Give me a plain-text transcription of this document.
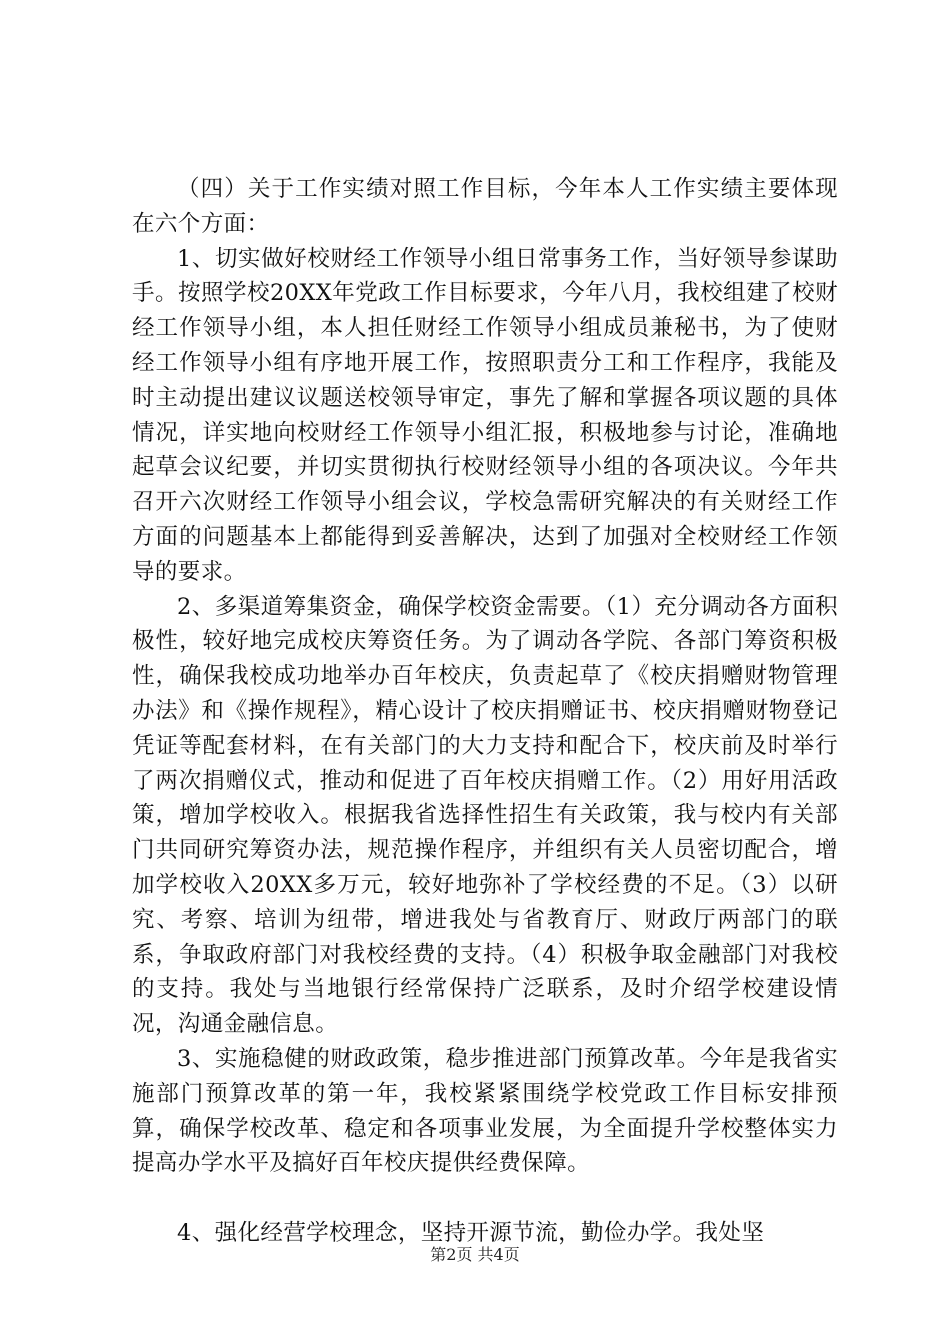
（四）关于工作实绩对照工作目标，今年本人工作实绩主要体现在六个方面：

1、切实做好校财经工作领导小组日常事务工作，当好领导参谋助手。按照学校20XX年党政工作目标要求，今年八月，我校组建了校财经工作领导小组，本人担任财经工作领导小组成员兼秘书，为了使财经工作领导小组有序地开展工作，按照职责分工和工作程序，我能及时主动提出建议议题送校领导审定，事先了解和掌握各项议题的具体情况，详实地向校财经工作领导小组汇报，积极地参与讨论，准确地起草会议纪要，并切实贯彻执行校财经领导小组的各项决议。今年共召开六次财经工作领导小组会议，学校急需研究解决的有关财经工作方面的问题基本上都能得到妥善解决，达到了加强对全校财经工作领导的要求。

2、多渠道筹集资金，确保学校资金需要。（1）充分调动各方面积极性，较好地完成校庆筹资任务。为了调动各学院、各部门筹资积极性，确保我校成功地举办百年校庆，负责起草了《校庆捐赠财物管理办法》和《操作规程》，精心设计了校庆捐赠证书、校庆捐赠财物登记凭证等配套材料，在有关部门的大力支持和配合下，校庆前及时举行了两次捐赠仪式，推动和促进了百年校庆捐赠工作。（2）用好用活政策，增加学校收入。根据我省选择性招生有关政策，我与校内有关部门共同研究筹资办法，规范操作程序，并组织有关人员密切配合，增加学校收入20XX多万元，较好地弥补了学校经费的不足。（3）以研究、考察、培训为纽带，增进我处与省教育厅、财政厅两部门的联系，争取政府部门对我校经费的支持。（4）积极争取金融部门对我校的支持。我处与当地银行经常保持广泛联系，及时介绍学校建设情况，沟通金融信息。

3、实施稳健的财政政策，稳步推进部门预算改革。今年是我省实施部门预算改革的第一年，我校紧紧围绕学校党政工作目标安排预算，确保学校改革、稳定和各项事业发展，为全面提升学校整体实力提高办学水平及搞好百年校庆提供经费保障。

4、强化经营学校理念，坚持开源节流，勤俭办学。我处坚

第2页 共4页
